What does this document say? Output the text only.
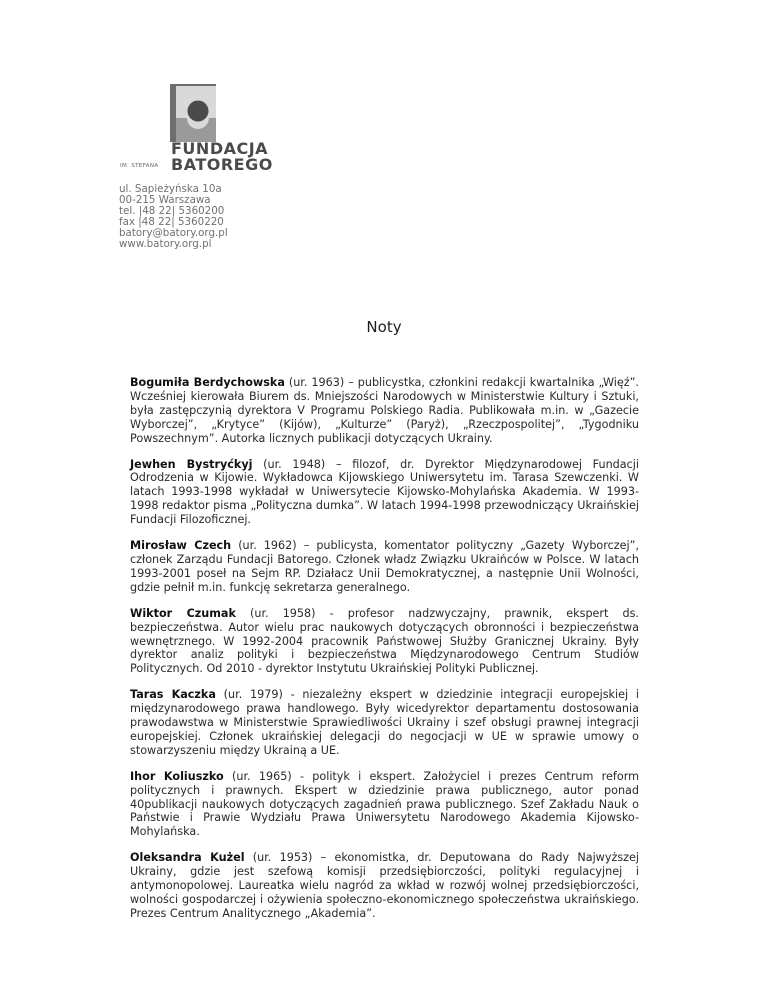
FUNDACJA
IM. STEFANA BATOREGO
ul. Sapieżyńska 10a
00-215 Warszawa
tel. |48 22| 5360200
fax |48 22| 5360220
batory@batory.org.pl
www.batory.org.pl
Noty

Bogumiła Berdychowska (ur. 1963) – publicystka, członkini redakcji kwartalnika „Więź”. Wcześniej kierowała Biurem ds. Mniejszości Narodowych w Ministerstwie Kultury i Sztuki, była zastępczynią dyrektora V Programu Polskiego Radia. Publikowała m.in. w „Gazecie Wyborczej”, „Krytyce” (Kijów), „Kulturze” (Paryż), „Rzeczpospolitej”, „Tygodniku Powszechnym”. Autorka licznych publikacji dotyczących Ukrainy.

Jewhen Bystryćkyj (ur. 1948) – filozof, dr. Dyrektor Międzynarodowej Fundacji Odrodzenia w Kijowie. Wykładowca Kijowskiego Uniwersytetu im. Tarasa Szewczenki. W latach 1993-1998 wykładał w Uniwersytecie Kijowsko-Mohylańska Akademia. W 1993-1998 redaktor pisma „Polityczna dumka”. W latach 1994-1998 przewodniczący Ukraińskiej Fundacji Filozoficznej.

Mirosław Czech (ur. 1962) – publicysta, komentator polityczny „Gazety Wyborczej”, członek Zarządu Fundacji Batorego. Członek władz Związku Ukraińców w Polsce. W latach 1993-2001 poseł na Sejm RP. Działacz Unii Demokratycznej, a następnie Unii Wolności, gdzie pełnił m.in. funkcję sekretarza generalnego.

Wiktor Czumak (ur. 1958) - profesor nadzwyczajny, prawnik, ekspert ds. bezpieczeństwa. Autor wielu prac naukowych dotyczących obronności i bezpieczeństwa wewnętrznego. W 1992-2004 pracownik Państwowej Służby Granicznej Ukrainy. Były dyrektor analiz polityki i bezpieczeństwa Międzynarodowego Centrum Studiów Politycznych. Od 2010 - dyrektor Instytutu Ukraińskiej Polityki Publicznej.

Taras Kaczka (ur. 1979) - niezależny ekspert w dziedzinie integracji europejskiej i międzynarodowego prawa handlowego. Były wicedyrektor departamentu dostosowania prawodawstwa w Ministerstwie Sprawiedliwości Ukrainy i szef obsługi prawnej integracji europejskiej. Członek ukraińskiej delegacji do negocjacji w UE w sprawie umowy o stowarzyszeniu między Ukrainą a UE.

Ihor Koliuszko (ur. 1965) - polityk i ekspert. Założyciel i prezes Centrum reform politycznych i prawnych. Ekspert w dziedzinie prawa publicznego, autor ponad 40publikacji naukowych dotyczących zagadnień prawa publicznego. Szef Zakładu Nauk o Państwie i Prawie Wydziału Prawa Uniwersytetu Narodowego Akademia Kijowsko-Mohylańska.

Oleksandra Kużel (ur. 1953) – ekonomistka, dr. Deputowana do Rady Najwyższej Ukrainy, gdzie jest szefową komisji przedsiębiorczości, polityki regulacyjnej i antymonopolowej. Laureatka wielu nagród za wkład w rozwój wolnej przedsiębiorczości, wolności gospodarczej i ożywienia społeczno-ekonomicznego społeczeństwa ukraińskiego. Prezes Centrum Analitycznego „Akademia”.
